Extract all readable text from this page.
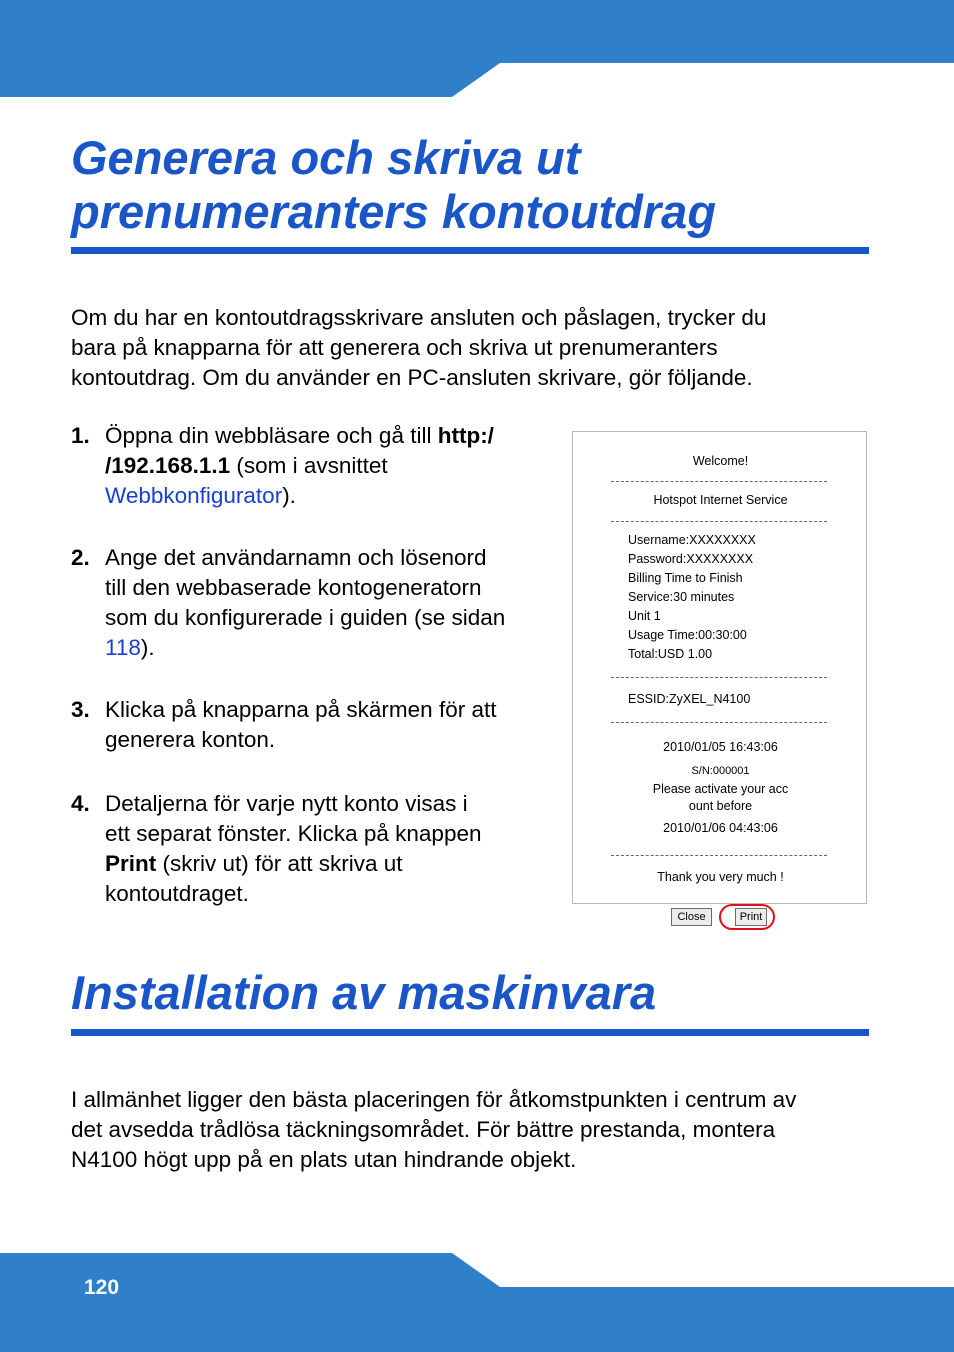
Generera och skriva ut
prenumeranters kontoutdrag

Om du har en kontoutdragsskrivare ansluten och påslagen, trycker du
bara på knapparna för att generera och skriva ut prenumeranters
kontoutdrag. Om du använder en PC-ansluten skrivare, gör följande.

1. Öppna din webbläsare och gå till http:/
/192.168.1.1 (som i avsnittet
Webbkonfigurator).
2. Ange det användarnamn och lösenord
till den webbaserade kontogeneratorn
som du konfigurerade i guiden (se sidan
118).
3. Klicka på knapparna på skärmen för att
generera konton.
4. Detaljerna för varje nytt konto visas i
ett separat fönster. Klicka på knappen
Print (skriv ut) för att skriva ut
kontoutdraget.
Welcome!
Hotspot Internet Service
Username:XXXXXXXX
Password:XXXXXXXX
Billing Time to Finish
Service:30 minutes
Unit 1
Usage Time:00:30:00
Total:USD 1.00
ESSID:ZyXEL_N4100
2010/01/05 16:43:06
S/N:000001
Please activate your acc
ount before
2010/01/06 04:43:06
Thank you very much !
Close	Print
Installation av maskinvara

I allmänhet ligger den bästa placeringen för åtkomstpunkten i centrum av
det avsedda trådlösa täckningsområdet. För bättre prestanda, montera
N4100 högt upp på en plats utan hindrande objekt.

120
